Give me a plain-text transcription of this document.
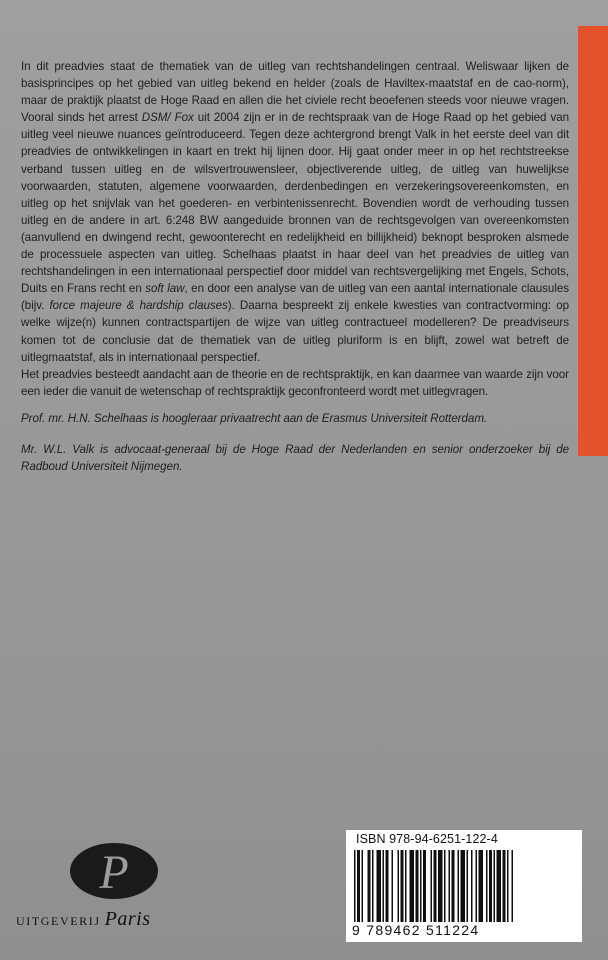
In dit preadvies staat de thematiek van de uitleg van rechtshandelingen centraal. Weliswaar lijken de basisprincipes op het gebied van uitleg bekend en helder (zoals de Haviltex-maatstaf en de cao-norm), maar de praktijk plaatst de Hoge Raad en allen die het civiele recht beoefenen steeds voor nieuwe vragen. Vooral sinds het arrest DSM/ Fox uit 2004 zijn er in de rechtspraak van de Hoge Raad op het gebied van uitleg veel nieuwe nuances geïntroduceerd. Tegen deze achtergrond brengt Valk in het eerste deel van dit preadvies de ontwikkelingen in kaart en trekt hij lijnen door. Hij gaat onder meer in op het rechtstreekse verband tussen uitleg en de wilsvertrouwensleer, objectiverende uitleg, de uitleg van huwelijkse voorwaarden, statuten, algemene voorwaarden, derdenbedingen en verzekeringsovereenkomsten, en uitleg op het snijvlak van het goederen- en verbintenissenrecht. Bovendien wordt de verhouding tussen uitleg en de andere in art. 6:248 BW aangeduide bronnen van de rechtsgevolgen van overeenkomsten (aanvullend en dwingend recht, gewoonterecht en redelijkheid en billijkheid) beknopt besproken alsmede de processuele aspecten van uitleg. Schelhaas plaatst in haar deel van het preadvies de uitleg van rechtshandelingen in een internationaal perspectief door middel van rechtsvergelijking met Engels, Schots, Duits en Frans recht en soft law, en door een analyse van de uitleg van een aantal internationale clausules (bijv. force majeure & hardship clauses). Daarna bespreekt zij enkele kwesties van contractvorming: op welke wijze(n) kunnen contractspartijen de wijze van uitleg contractueel modelleren? De preadviseurs komen tot de conclusie dat de thematiek van de uitleg pluriform is en blijft, zowel wat betreft de uitlegmaatstaf, als in internationaal perspectief.

Het preadvies besteedt aandacht aan de theorie en de rechtspraktijk, en kan daarmee van waarde zijn voor een ieder die vanuit de wetenschap of rechtspraktijk geconfronteerd wordt met uitlegvragen.

Prof. mr. H.N. Schelhaas is hoogleraar privaatrecht aan de Erasmus Universiteit Rotterdam.

Mr. W.L. Valk is advocaat-generaal bij de Hoge Raad der Nederlanden en senior onderzoeker bij de Radboud Universiteit Nijmegen.

P
UITGEVERIJ Paris
ISBN 978-94-6251-122-4
9 789462 511224
